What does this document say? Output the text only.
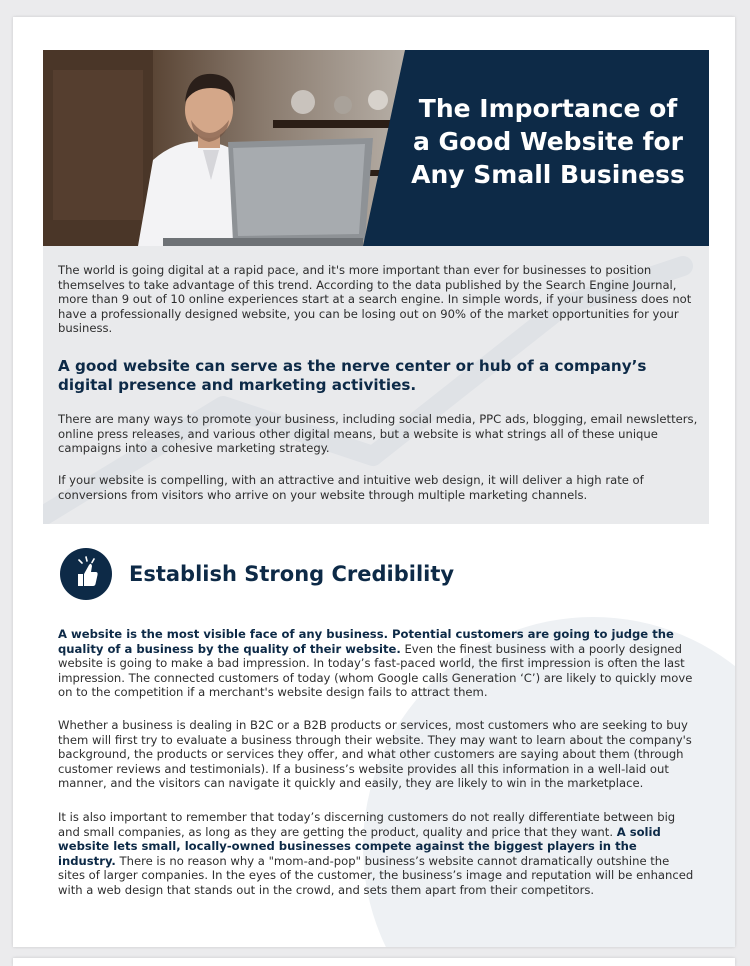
The Importance of
a Good Website for
Any Small Business
The world is going digital at a rapid pace, and it's more important than ever for businesses to position themselves to take advantage of this trend. According to the data published by the Search Engine Journal, more than 9 out of 10 online experiences start at a search engine. In simple words, if your business does not have a professionally designed website, you can be losing out on 90% of the market opportunities for your business.
A good website can serve as the nerve center or hub of a company’s digital presence and marketing activities.
There are many ways to promote your business, including social media, PPC ads, blogging, email newsletters, online press releases, and various other digital means, but a website is what strings all of these unique campaigns into a cohesive marketing strategy.
If your website is compelling, with an attractive and intuitive web design, it will deliver a high rate of conversions from visitors who arrive on your website through multiple marketing channels.
Establish Strong Credibility
A website is the most visible face of any business. Potential customers are going to judge the quality of a business by the quality of their website. Even the finest business with a poorly designed website is going to make a bad impression. In today’s fast-paced world, the first impression is often the last impression. The connected customers of today (whom Google calls Generation ‘C’) are likely to quickly move on to the competition if a merchant's website design fails to attract them.
Whether a business is dealing in B2C or a B2B products or services, most customers who are seeking to buy them will first try to evaluate a business through their website. They may want to learn about the company's background, the products or services they offer, and what other customers are saying about them (through customer reviews and testimonials). If a business’s website provides all this information in a well-laid out manner, and the visitors can navigate it quickly and easily, they are likely to win in the marketplace.
It is also important to remember that today’s discerning customers do not really differentiate between big and small companies, as long as they are getting the product, quality and price that they want. A solid website lets small, locally-owned businesses compete against the biggest players in the industry. There is no reason why a "mom-and-pop" business’s website cannot dramatically outshine the sites of larger companies. In the eyes of the customer, the business’s image and reputation will be enhanced with a web design that stands out in the crowd, and sets them apart from their competitors.
